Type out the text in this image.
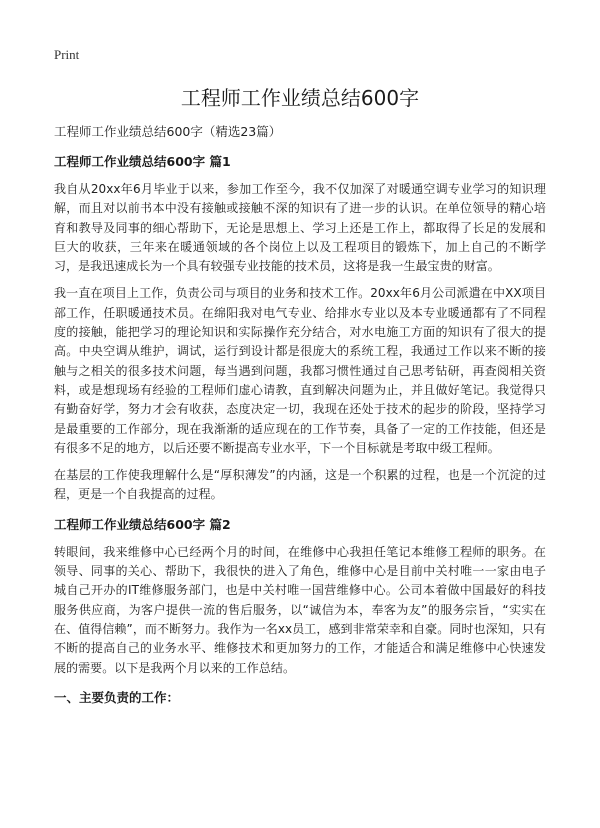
Print
工程师工作业绩总结600字
工程师工作业绩总结600字（精选23篇）
工程师工作业绩总结600字 篇1

我自从20xx年6月毕业于以来，参加工作至今，我不仅加深了对暖通空调专业学习的知识理解，而且对以前书本中没有接触或接触不深的知识有了进一步的认识。在单位领导的精心培育和教导及同事的细心帮助下，无论是思想上、学习上还是工作上，都取得了长足的发展和巨大的收获，三年来在暖通领域的各个岗位上以及工程项目的锻炼下，加上自己的不断学习，是我迅速成长为一个具有较强专业技能的技术员，这将是我一生最宝贵的财富。

我一直在项目上工作，负责公司与项目的业务和技术工作。20xx年6月公司派遣在中XX项目部工作，任职暖通技术员。在绵阳我对电气专业、给排水专业以及本专业暖通都有了不同程度的接触，能把学习的理论知识和实际操作充分结合，对水电施工方面的知识有了很大的提高。中央空调从维护，调试，运行到设计都是很庞大的系统工程，我通过工作以来不断的接触与之相关的很多技术问题，每当遇到问题，我都习惯性通过自己思考钻研，再查阅相关资料，或是想现场有经验的工程师们虚心请教，直到解决问题为止，并且做好笔记。我觉得只有勤奋好学，努力才会有收获，态度决定一切，我现在还处于技术的起步的阶段，坚持学习是最重要的工作部分，现在我渐渐的适应现在的工作节奏，具备了一定的工作技能，但还是有很多不足的地方，以后还要不断提高专业水平，下一个目标就是考取中级工程师。

在基层的工作使我理解什么是“厚积薄发”的内涵，这是一个积累的过程，也是一个沉淀的过程，更是一个自我提高的过程。

工程师工作业绩总结600字 篇2

转眼间，我来维修中心已经两个月的时间，在维修中心我担任笔记本维修工程师的职务。在领导、同事的关心、帮助下，我很快的进入了角色，维修中心是目前中关村唯一一家由电子城自己开办的IT维修服务部门，也是中关村唯一国营维修中心。公司本着做中国最好的科技服务供应商，为客户提供一流的售后服务，以“诚信为本，奉客为友”的服务宗旨，“实实在在、值得信赖”，而不断努力。我作为一名xx员工，感到非常荣幸和自豪。同时也深知，只有不断的提高自己的业务水平、维修技术和更加努力的工作，才能适合和满足维修中心快速发展的需要。以下是我两个月以来的工作总结。

一、主要负责的工作：
